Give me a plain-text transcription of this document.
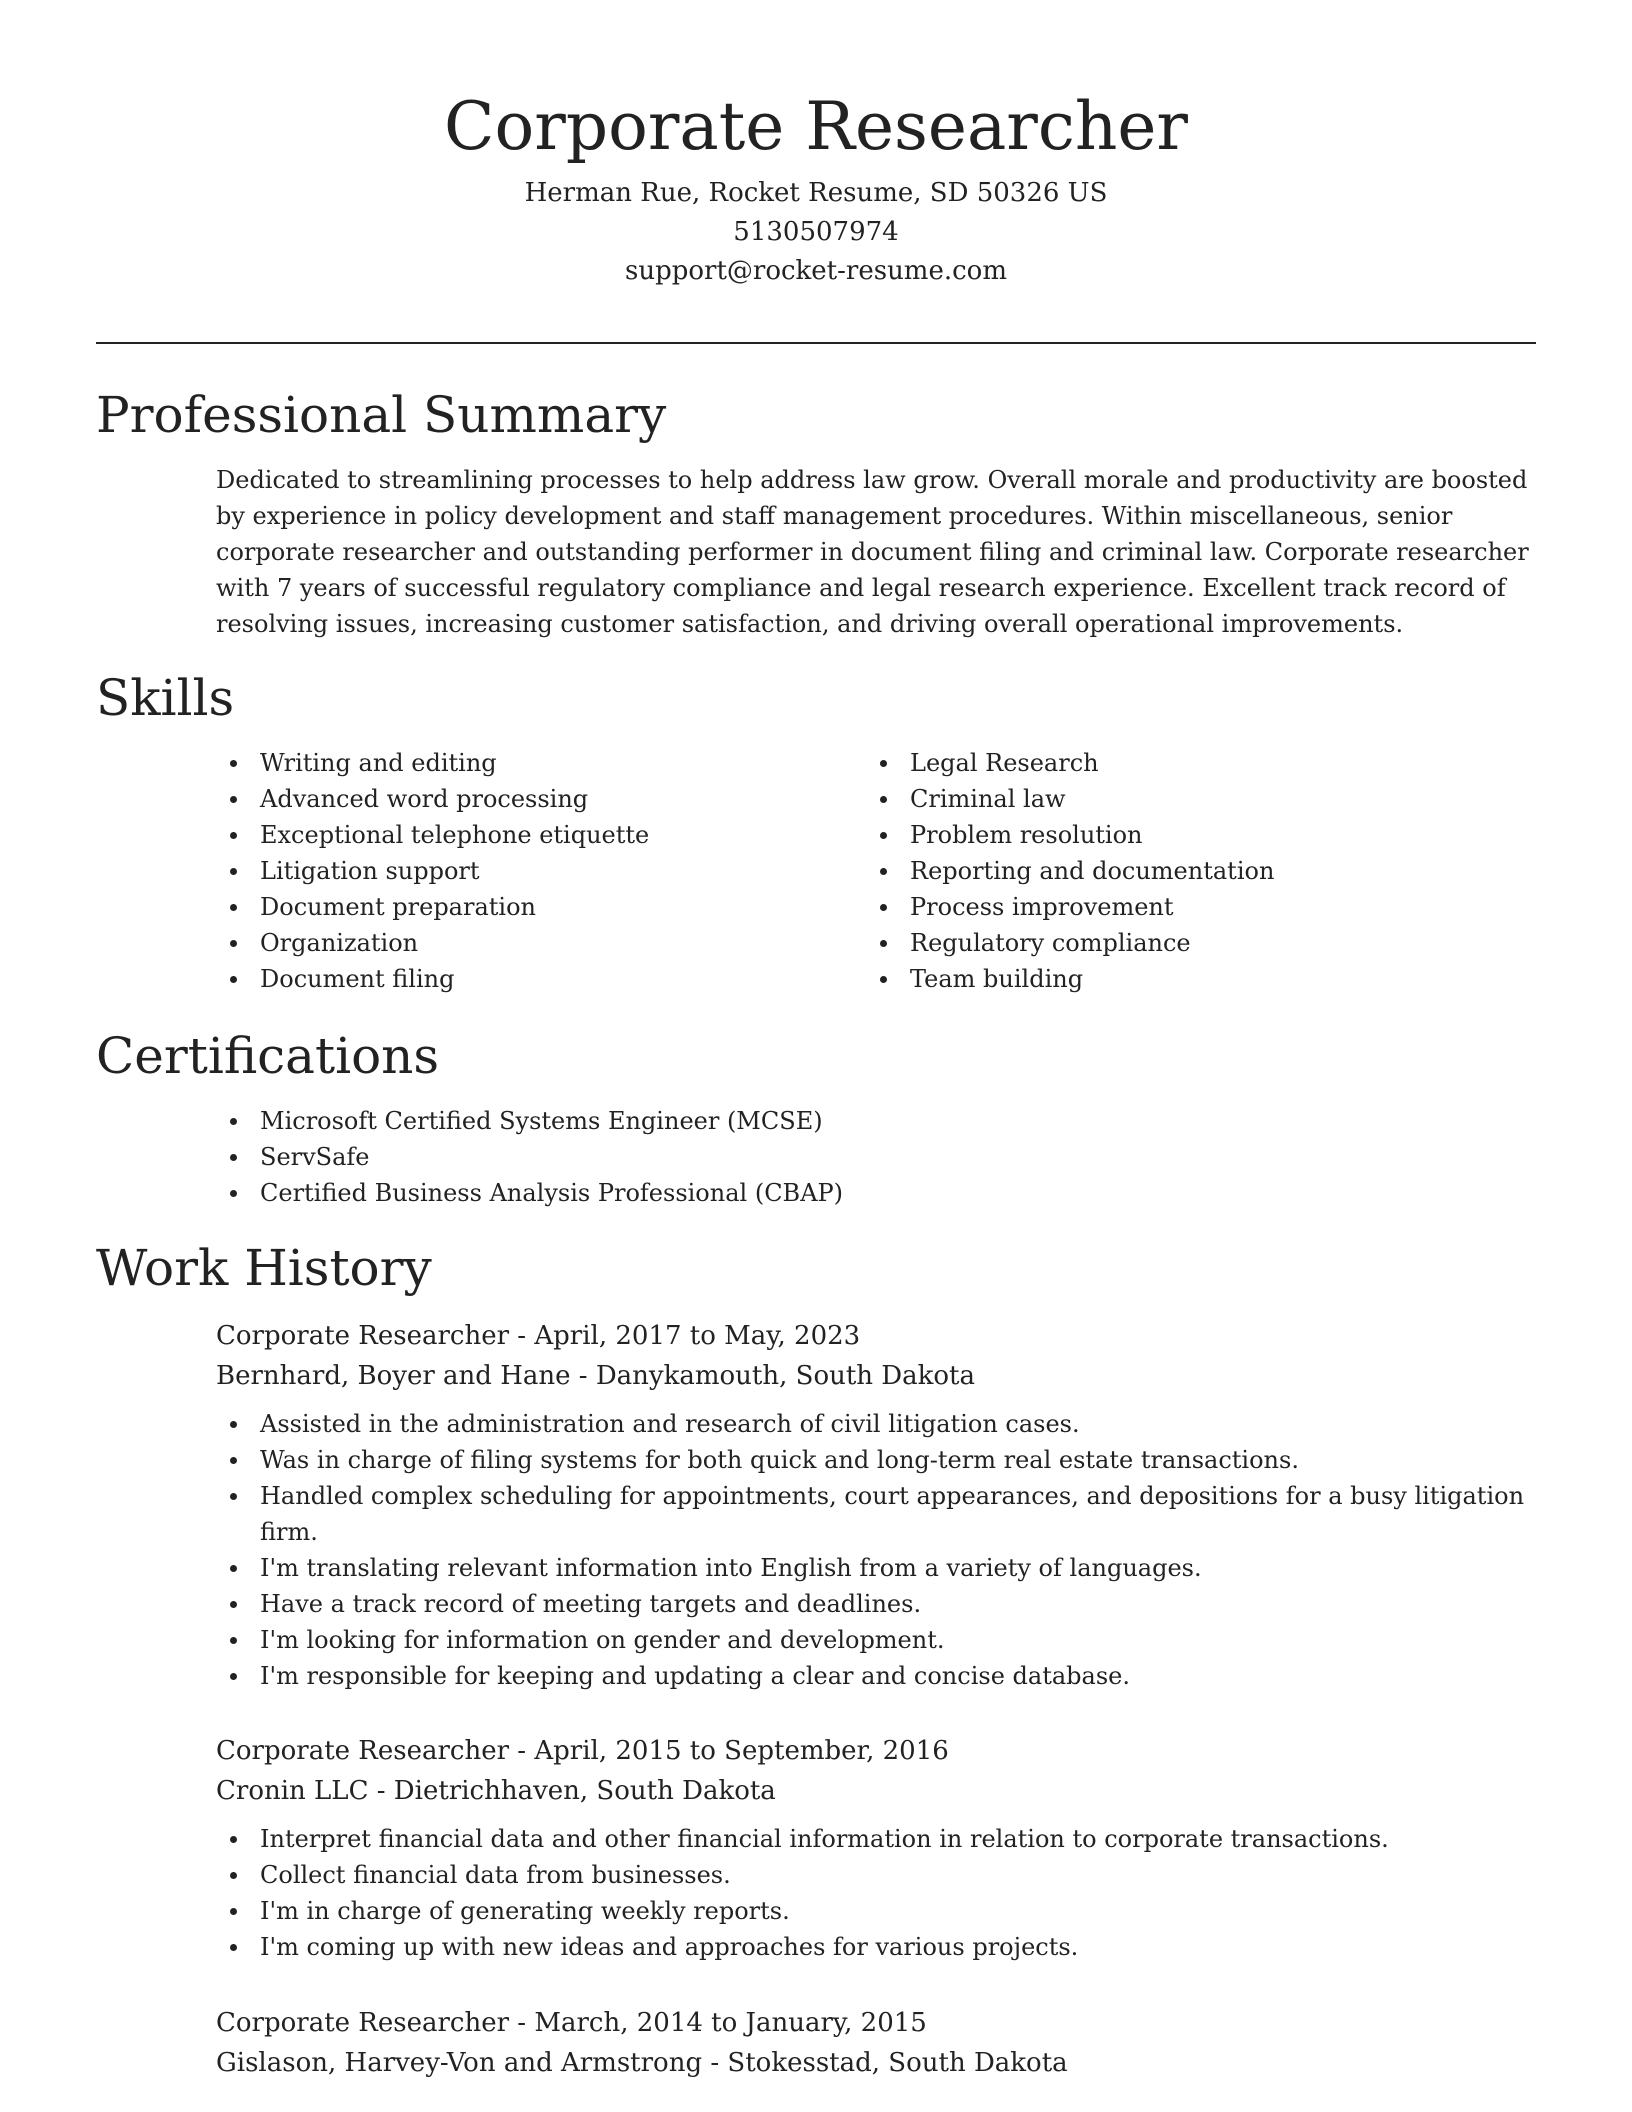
Corporate Researcher
Herman Rue, Rocket Resume, SD 50326 US
5130507974
support@rocket-resume.com
Professional Summary

Dedicated to streamlining processes to help address law grow. Overall morale and productivity are boosted by experience in policy development and staff management procedures. Within miscellaneous, senior corporate researcher and outstanding performer in document filing and criminal law. Corporate researcher with 7 years of successful regulatory compliance and legal research experience. Excellent track record of resolving issues, increasing customer satisfaction, and driving overall operational improvements.

Skills
Writing and editing
Advanced word processing
Exceptional telephone etiquette
Litigation support
Document preparation
Organization
Document filing
Legal Research
Criminal law
Problem resolution
Reporting and documentation
Process improvement
Regulatory compliance
Team building
Certifications
Microsoft Certified Systems Engineer (MCSE)
ServSafe
Certified Business Analysis Professional (CBAP)
Work History
Corporate Researcher - April, 2017 to May, 2023
Bernhard, Boyer and Hane - Danykamouth, South Dakota
Assisted in the administration and research of civil litigation cases.
Was in charge of filing systems for both quick and long-term real estate transactions.
Handled complex scheduling for appointments, court appearances, and depositions for a busy litigation firm.
I'm translating relevant information into English from a variety of languages.
Have a track record of meeting targets and deadlines.
I'm looking for information on gender and development.
I'm responsible for keeping and updating a clear and concise database.
Corporate Researcher - April, 2015 to September, 2016
Cronin LLC - Dietrichhaven, South Dakota
Interpret financial data and other financial information in relation to corporate transactions.
Collect financial data from businesses.
I'm in charge of generating weekly reports.
I'm coming up with new ideas and approaches for various projects.
Corporate Researcher - March, 2014 to January, 2015
Gislason, Harvey-Von and Armstrong - Stokesstad, South Dakota
